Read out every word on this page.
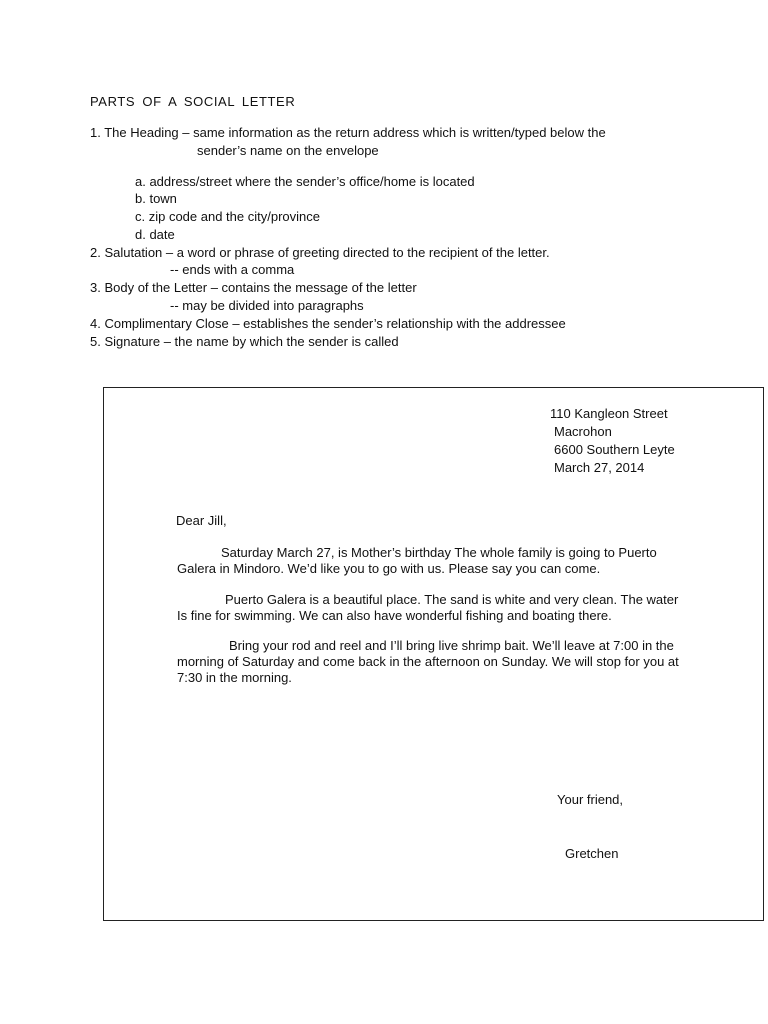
PARTS OF A SOCIAL LETTER
1. The Heading – same information as the return address which is written/typed below the
sender’s name on the envelope
a. address/street where the sender’s office/home is located
b. town
c. zip code and the city/province
d. date
2. Salutation – a word or phrase of greeting directed to the recipient of the letter.
-- ends with a comma
3. Body of the Letter – contains the message of the letter
-- may be divided into paragraphs
4. Complimentary Close – establishes the sender’s relationship with the addressee
5. Signature – the name by which the sender is called
110 Kangleon Street
Macrohon
6600 Southern Leyte
March 27, 2014
Dear Jill,
Saturday March 27, is Mother’s birthday The whole family is going to Puerto
Galera in Mindoro. We’d like you to go with us. Please say you can come.
Puerto Galera is a beautiful place. The sand is white and very clean. The water
Is fine for swimming. We can also have wonderful fishing and boating there.
Bring your rod and reel and I’ll bring live shrimp bait. We’ll leave at 7:00 in the
morning of Saturday and come back in the afternoon on Sunday. We will stop for you at
7:30 in the morning.
Your friend,
Gretchen
